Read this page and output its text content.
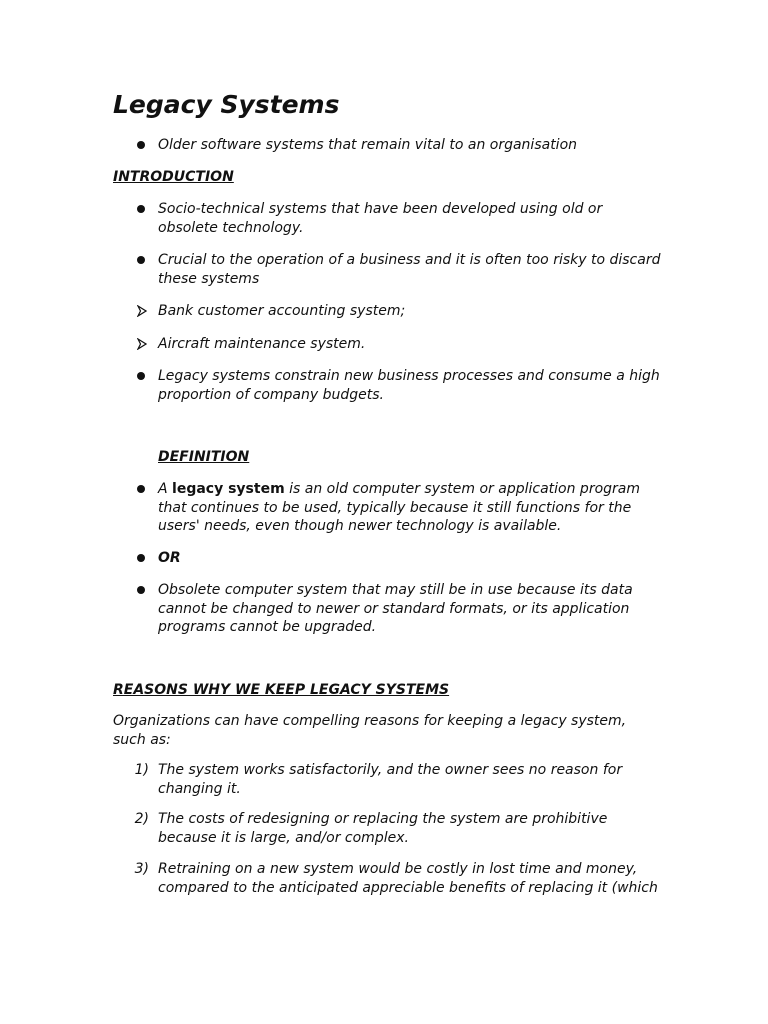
Legacy Systems

Older software systems that remain vital to an organisation

INTRODUCTION

Socio-technical systems that have been developed using old or obsolete technology.

Crucial to the operation of a business and it is often too risky to discard these systems

Bank customer accounting system;

Aircraft maintenance system.

Legacy systems constrain new business processes and consume a high proportion of company budgets.

DEFINITION

A legacy system is an old computer system or application program that continues to be used, typically because it still functions for the users' needs, even though newer technology is available.

OR

Obsolete computer system that may still be in use because its data cannot be changed to newer or standard formats, or its application programs cannot be upgraded.

REASONS WHY WE KEEP LEGACY SYSTEMS

Organizations can have compelling reasons for keeping a legacy system, such as:

1) The system works satisfactorily, and the owner sees no reason for changing it.

2) The costs of redesigning or replacing the system are prohibitive because it is large, and/or complex.

3) Retraining on a new system would be costly in lost time and money, compared to the anticipated appreciable benefits of replacing it (which
